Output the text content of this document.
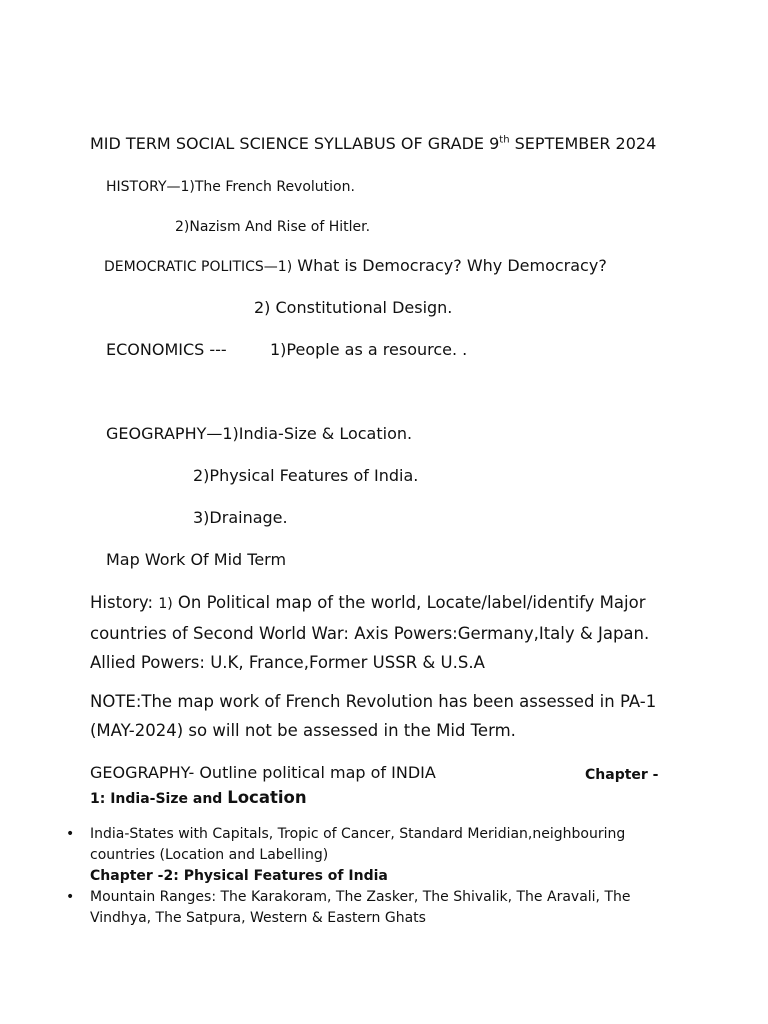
MID TERM SOCIAL SCIENCE SYLLABUS OF GRADE 9th SEPTEMBER 2024
HISTORY—1)The French Revolution.
2)Nazism And Rise of Hitler.
DEMOCRATIC POLITICS—1) What is Democracy? Why Democracy?
2) Constitutional Design.
ECONOMICS ---	1)People as a resource. .
GEOGRAPHY—1)India-Size & Location.
2)Physical Features of India.
3)Drainage.
Map Work Of Mid Term
History: 1) On Political map of the world, Locate/label/identify Major countries of Second World War: Axis Powers:Germany,Italy & Japan. Allied Powers: U.K, France,Former USSR & U.S.A
NOTE:The map work of French Revolution has been assessed in PA-1 (MAY-2024) so will not be assessed in the Mid Term.
GEOGRAPHY- Outline political map of INDIA	Chapter -
1: India-Size and Location
• India-States with Capitals, Tropic of Cancer, Standard Meridian,neighbouring countries (Location and Labelling)
Chapter -2: Physical Features of India
• Mountain Ranges: The Karakoram, The Zasker, The Shivalik, The Aravali, The Vindhya, The Satpura, Western & Eastern Ghats
